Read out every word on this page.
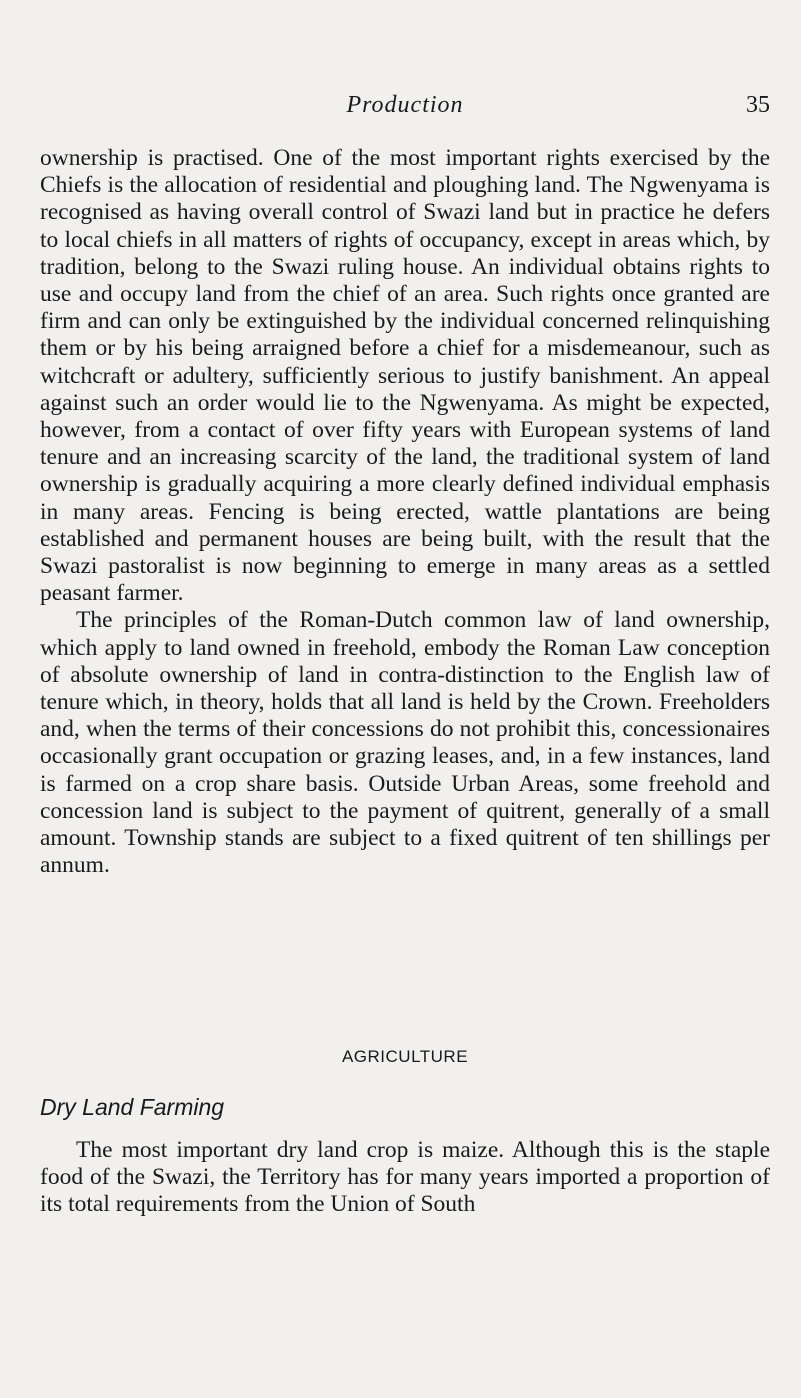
Production	35

ownership is practised. One of the most important rights exercised by the Chiefs is the allocation of residential and ploughing land. The Ngwenyama is recognised as having overall control of Swazi land but in practice he defers to local chiefs in all matters of rights of occupancy, except in areas which, by tradition, belong to the Swazi ruling house. An individual obtains rights to use and occupy land from the chief of an area. Such rights once granted are firm and can only be extinguished by the individual concerned relinquishing them or by his being arraigned before a chief for a misdemeanour, such as witchcraft or adultery, sufficiently serious to justify banishment. An appeal against such an order would lie to the Ngwenyama. As might be expected, however, from a contact of over fifty years with European systems of land tenure and an increasing scarcity of the land, the traditional system of land ownership is gradually acquiring a more clearly defined individual emphasis in many areas. Fencing is being erected, wattle plantations are being established and permanent houses are being built, with the result that the Swazi pastoralist is now beginning to emerge in many areas as a settled peasant farmer.

The principles of the Roman-Dutch common law of land ownership, which apply to land owned in freehold, embody the Roman Law conception of absolute ownership of land in contra-distinction to the English law of tenure which, in theory, holds that all land is held by the Crown. Freeholders and, when the terms of their concessions do not prohibit this, concessionaires occasionally grant occupation or grazing leases, and, in a few instances, land is farmed on a crop share basis. Outside Urban Areas, some freehold and concession land is subject to the payment of quitrent, generally of a small amount. Township stands are subject to a fixed quitrent of ten shillings per annum.

AGRICULTURE
Dry Land Farming

The most important dry land crop is maize. Although this is the staple food of the Swazi, the Territory has for many years imported a proportion of its total requirements from the Union of South
